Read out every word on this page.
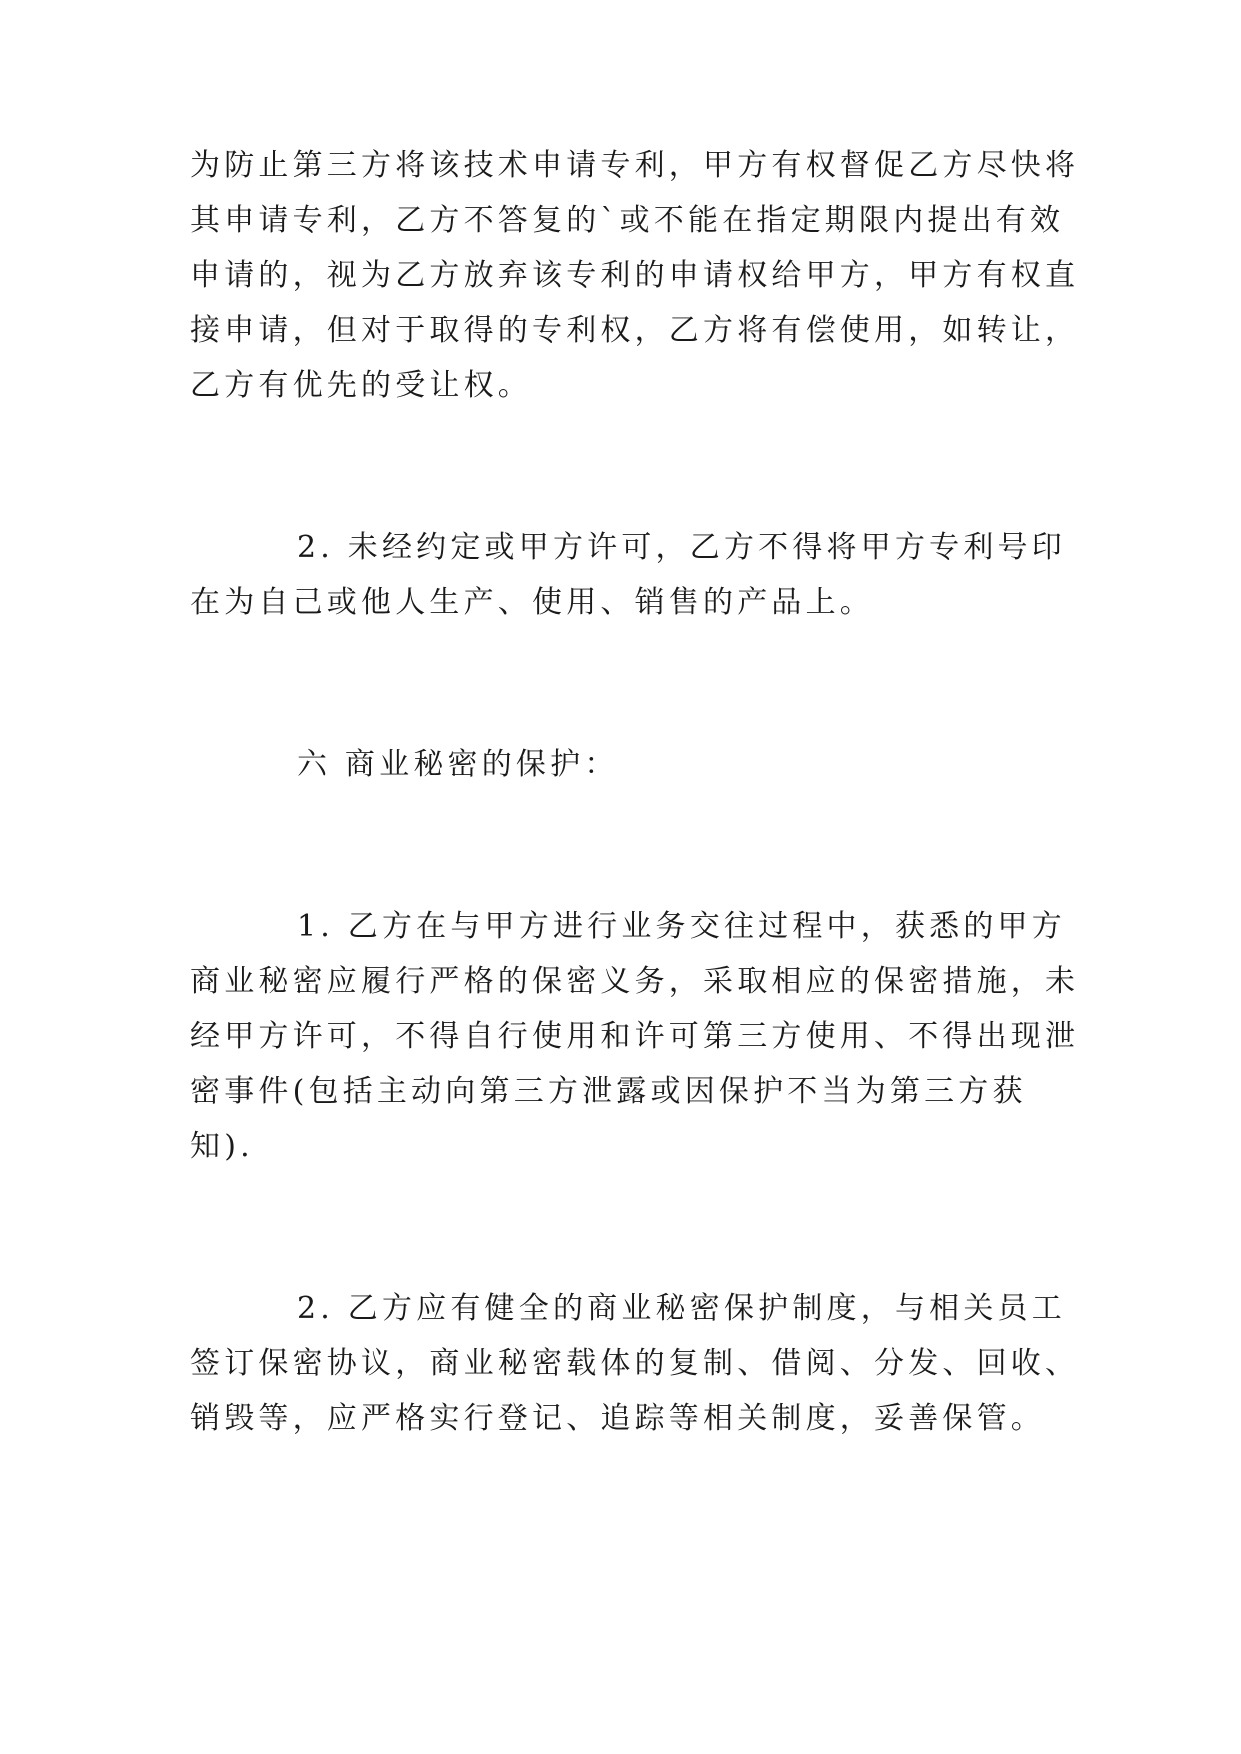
为防止第三方将该技术申请专利，甲方有权督促乙方尽快将
其申请专利，乙方不答复的`或不能在指定期限内提出有效
申请的，视为乙方放弃该专利的申请权给甲方，甲方有权直
接申请，但对于取得的专利权，乙方将有偿使用，如转让，
乙方有优先的受让权。
2. 未经约定或甲方许可，乙方不得将甲方专利号印
在为自己或他人生产、使用、销售的产品上。
六 商业秘密的保护：
1. 乙方在与甲方进行业务交往过程中，获悉的甲方
商业秘密应履行严格的保密义务，采取相应的保密措施，未
经甲方许可，不得自行使用和许可第三方使用、不得出现泄
密事件(包括主动向第三方泄露或因保护不当为第三方获
知).
2. 乙方应有健全的商业秘密保护制度，与相关员工
签订保密协议，商业秘密载体的复制、借阅、分发、回收、
销毁等，应严格实行登记、追踪等相关制度，妥善保管。
